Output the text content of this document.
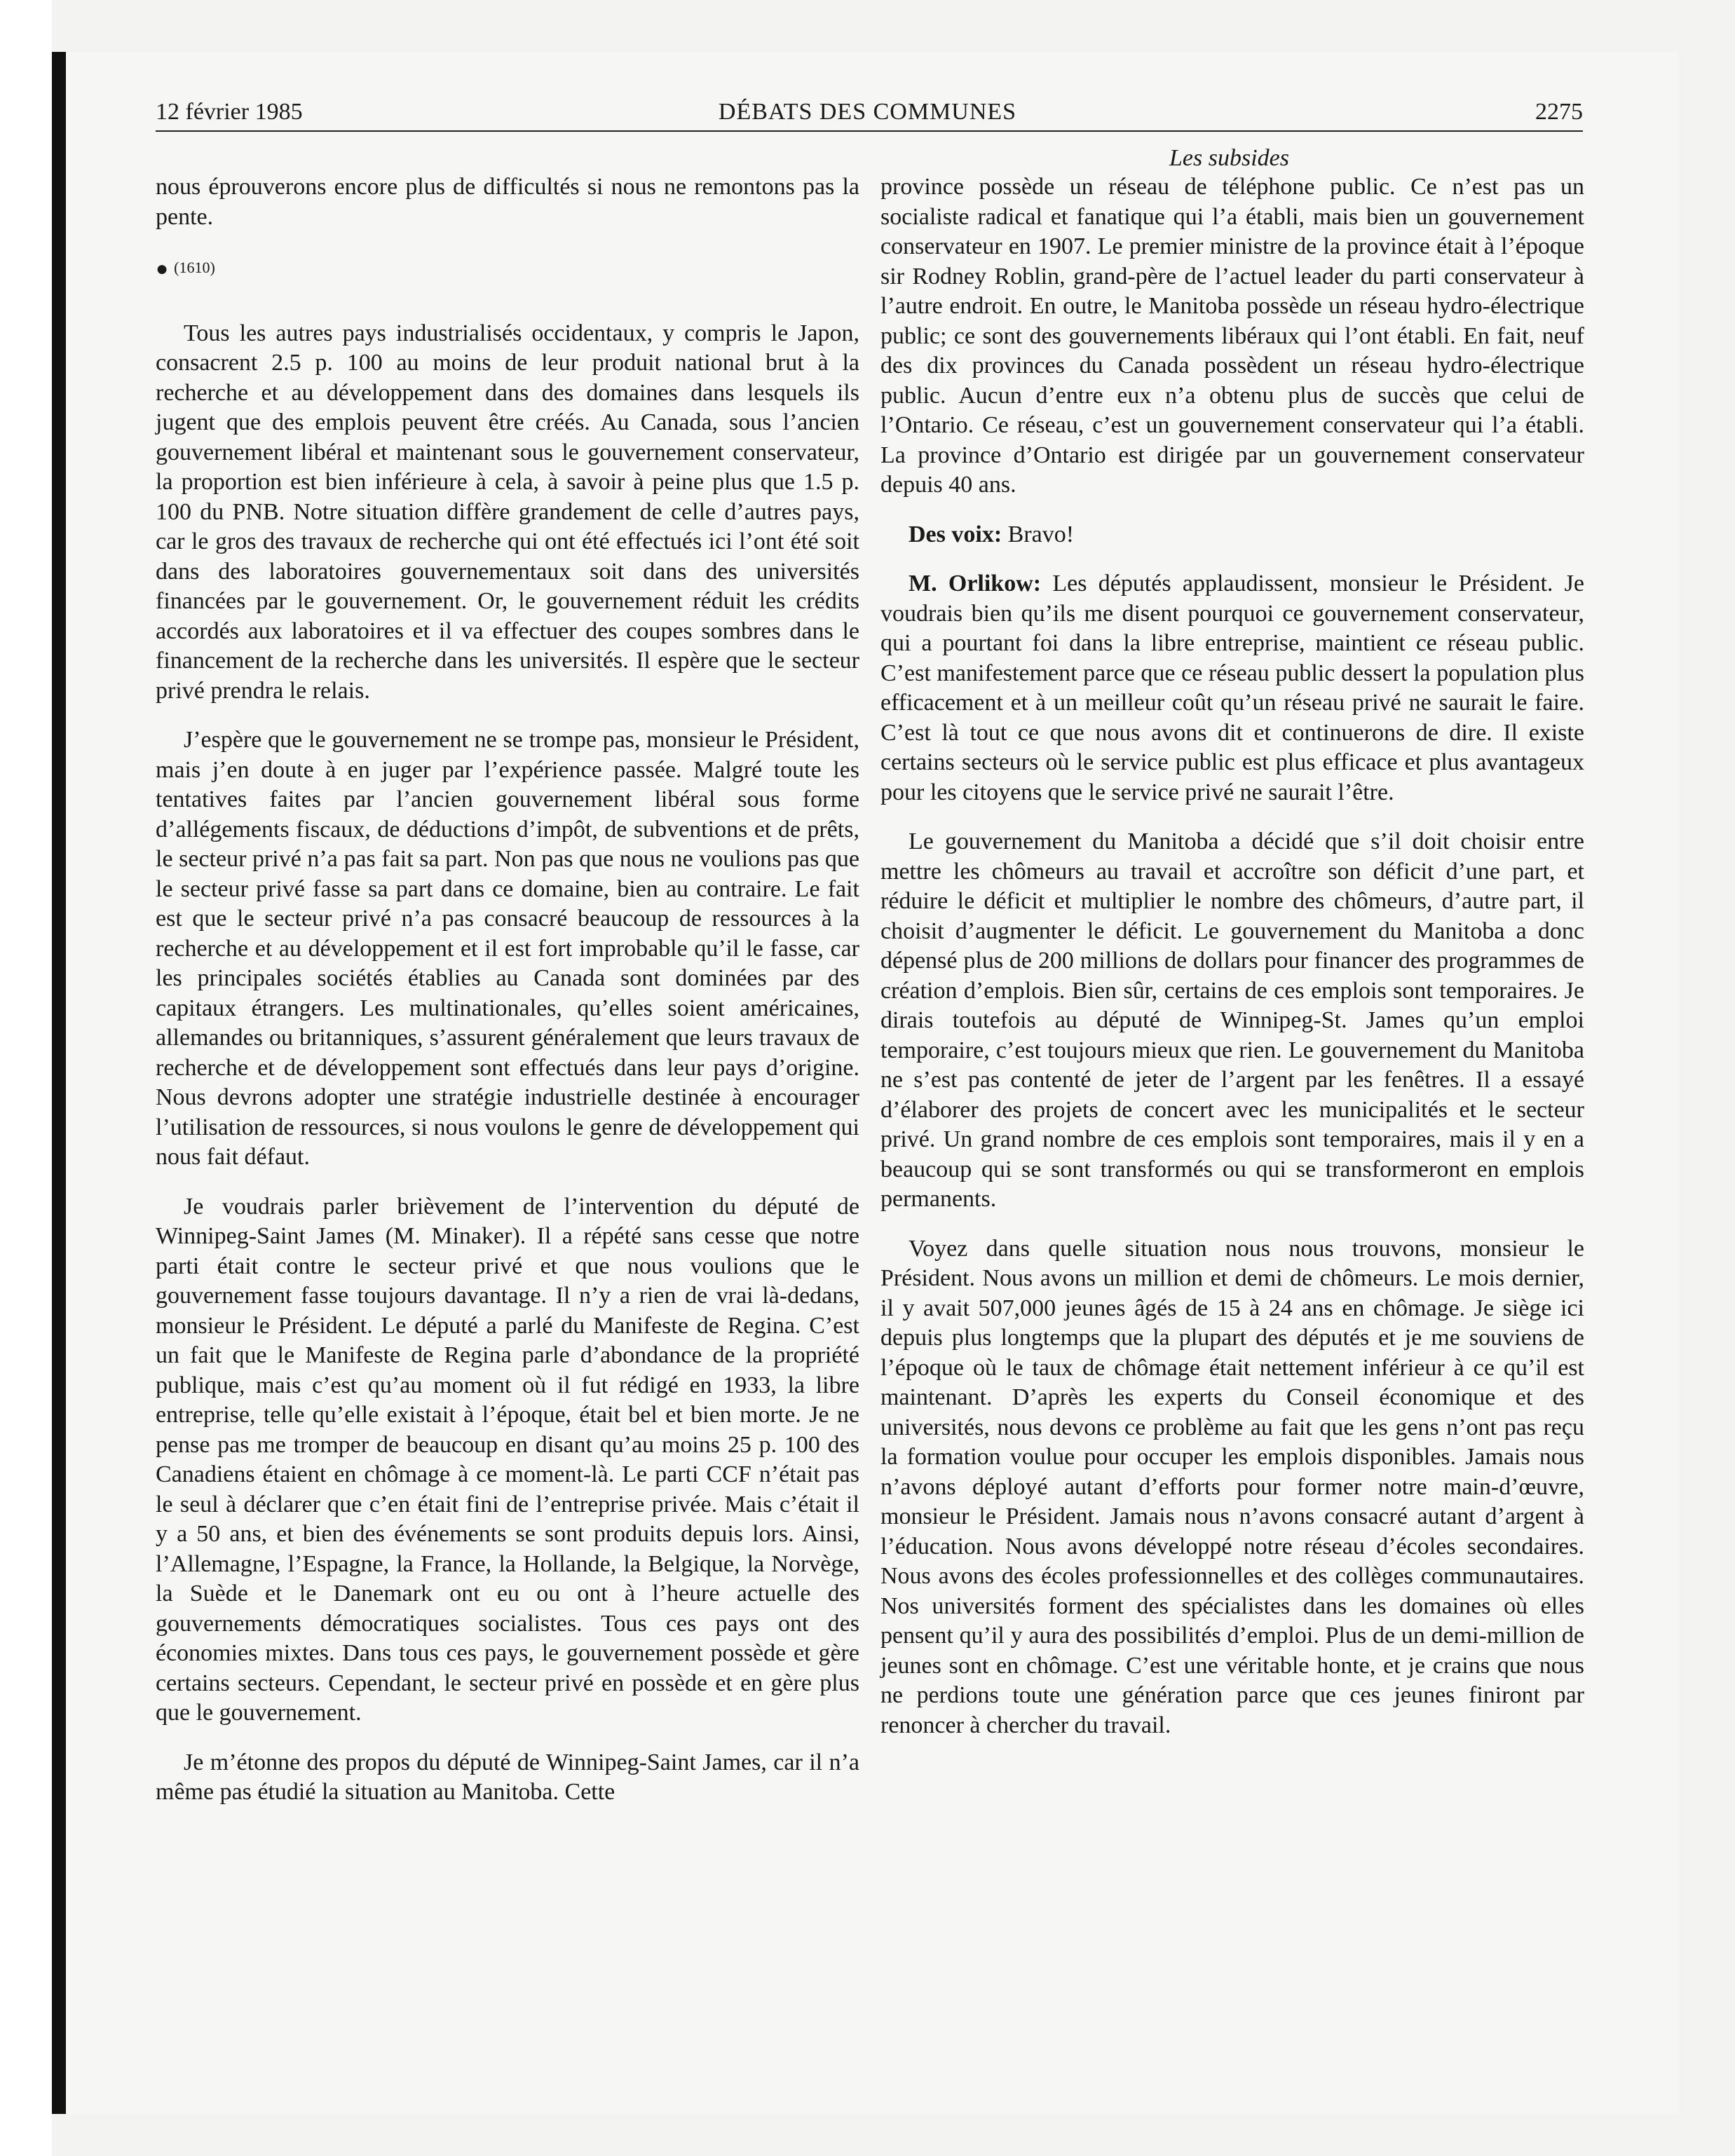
12 février 1985	DÉBATS DES COMMUNES	2275
Les subsides

nous éprouverons encore plus de difficultés si nous ne remontons pas la pente.

● (1610)

Tous les autres pays industrialisés occidentaux, y compris le Japon, consacrent 2.5 p. 100 au moins de leur produit national brut à la recherche et au développement dans des domaines dans lesquels ils jugent que des emplois peuvent être créés. Au Canada, sous l’ancien gouvernement libéral et maintenant sous le gouvernement conservateur, la proportion est bien inférieure à cela, à savoir à peine plus que 1.5 p. 100 du PNB. Notre situation diffère grandement de celle d’autres pays, car le gros des travaux de recherche qui ont été effectués ici l’ont été soit dans des laboratoires gouvernementaux soit dans des universités financées par le gouvernement. Or, le gouvernement réduit les crédits accordés aux laboratoires et il va effectuer des coupes sombres dans le financement de la recherche dans les universités. Il espère que le secteur privé prendra le relais.

J’espère que le gouvernement ne se trompe pas, monsieur le Président, mais j’en doute à en juger par l’expérience passée. Malgré toute les tentatives faites par l’ancien gouvernement libéral sous forme d’allégements fiscaux, de déductions d’impôt, de subventions et de prêts, le secteur privé n’a pas fait sa part. Non pas que nous ne voulions pas que le secteur privé fasse sa part dans ce domaine, bien au contraire. Le fait est que le secteur privé n’a pas consacré beaucoup de ressources à la recherche et au développement et il est fort improbable qu’il le fasse, car les principales sociétés établies au Canada sont dominées par des capitaux étrangers. Les multinationales, qu’elles soient américaines, allemandes ou britanniques, s’assurent généralement que leurs travaux de recherche et de développement sont effectués dans leur pays d’origine. Nous devrons adopter une stratégie industrielle destinée à encourager l’utilisation de ressources, si nous voulons le genre de développement qui nous fait défaut.

Je voudrais parler brièvement de l’intervention du député de Winnipeg-Saint James (M. Minaker). Il a répété sans cesse que notre parti était contre le secteur privé et que nous voulions que le gouvernement fasse toujours davantage. Il n’y a rien de vrai là-dedans, monsieur le Président. Le député a parlé du Manifeste de Regina. C’est un fait que le Manifeste de Regina parle d’abondance de la propriété publique, mais c’est qu’au moment où il fut rédigé en 1933, la libre entreprise, telle qu’elle existait à l’époque, était bel et bien morte. Je ne pense pas me tromper de beaucoup en disant qu’au moins 25 p. 100 des Canadiens étaient en chômage à ce moment-là. Le parti CCF n’était pas le seul à déclarer que c’en était fini de l’entreprise privée. Mais c’était il y a 50 ans, et bien des événements se sont produits depuis lors. Ainsi, l’Allemagne, l’Espagne, la France, la Hollande, la Belgique, la Norvège, la Suède et le Danemark ont eu ou ont à l’heure actuelle des gouvernements démocratiques socialistes. Tous ces pays ont des économies mixtes. Dans tous ces pays, le gouvernement possède et gère certains secteurs. Cependant, le secteur privé en possède et en gère plus que le gouvernement.

Je m’étonne des propos du député de Winnipeg-Saint James, car il n’a même pas étudié la situation au Manitoba. Cette

province possède un réseau de téléphone public. Ce n’est pas un socialiste radical et fanatique qui l’a établi, mais bien un gouvernement conservateur en 1907. Le premier ministre de la province était à l’époque sir Rodney Roblin, grand-père de l’actuel leader du parti conservateur à l’autre endroit. En outre, le Manitoba possède un réseau hydro-électrique public; ce sont des gouvernements libéraux qui l’ont établi. En fait, neuf des dix provinces du Canada possèdent un réseau hydro-électrique public. Aucun d’entre eux n’a obtenu plus de succès que celui de l’Ontario. Ce réseau, c’est un gouvernement conservateur qui l’a établi. La province d’Ontario est dirigée par un gouvernement conservateur depuis 40 ans.

Des voix: Bravo!

M. Orlikow: Les députés applaudissent, monsieur le Président. Je voudrais bien qu’ils me disent pourquoi ce gouvernement conservateur, qui a pourtant foi dans la libre entreprise, maintient ce réseau public. C’est manifestement parce que ce réseau public dessert la population plus efficacement et à un meilleur coût qu’un réseau privé ne saurait le faire. C’est là tout ce que nous avons dit et continuerons de dire. Il existe certains secteurs où le service public est plus efficace et plus avantageux pour les citoyens que le service privé ne saurait l’être.

Le gouvernement du Manitoba a décidé que s’il doit choisir entre mettre les chômeurs au travail et accroître son déficit d’une part, et réduire le déficit et multiplier le nombre des chômeurs, d’autre part, il choisit d’augmenter le déficit. Le gouvernement du Manitoba a donc dépensé plus de 200 millions de dollars pour financer des programmes de création d’emplois. Bien sûr, certains de ces emplois sont temporaires. Je dirais toutefois au député de Winnipeg-St. James qu’un emploi temporaire, c’est toujours mieux que rien. Le gouvernement du Manitoba ne s’est pas contenté de jeter de l’argent par les fenêtres. Il a essayé d’élaborer des projets de concert avec les municipalités et le secteur privé. Un grand nombre de ces emplois sont temporaires, mais il y en a beaucoup qui se sont transformés ou qui se transformeront en emplois permanents.

Voyez dans quelle situation nous nous trouvons, monsieur le Président. Nous avons un million et demi de chômeurs. Le mois dernier, il y avait 507,000 jeunes âgés de 15 à 24 ans en chômage. Je siège ici depuis plus longtemps que la plupart des députés et je me souviens de l’époque où le taux de chômage était nettement inférieur à ce qu’il est maintenant. D’après les experts du Conseil économique et des universités, nous devons ce problème au fait que les gens n’ont pas reçu la formation voulue pour occuper les emplois disponibles. Jamais nous n’avons déployé autant d’efforts pour former notre main-d’œuvre, monsieur le Président. Jamais nous n’avons consacré autant d’argent à l’éducation. Nous avons développé notre réseau d’écoles secondaires. Nous avons des écoles professionnelles et des collèges communautaires. Nos universités forment des spécialistes dans les domaines où elles pensent qu’il y aura des possibilités d’emploi. Plus de un demi-million de jeunes sont en chômage. C’est une véritable honte, et je crains que nous ne perdions toute une génération parce que ces jeunes finiront par renoncer à chercher du travail.
